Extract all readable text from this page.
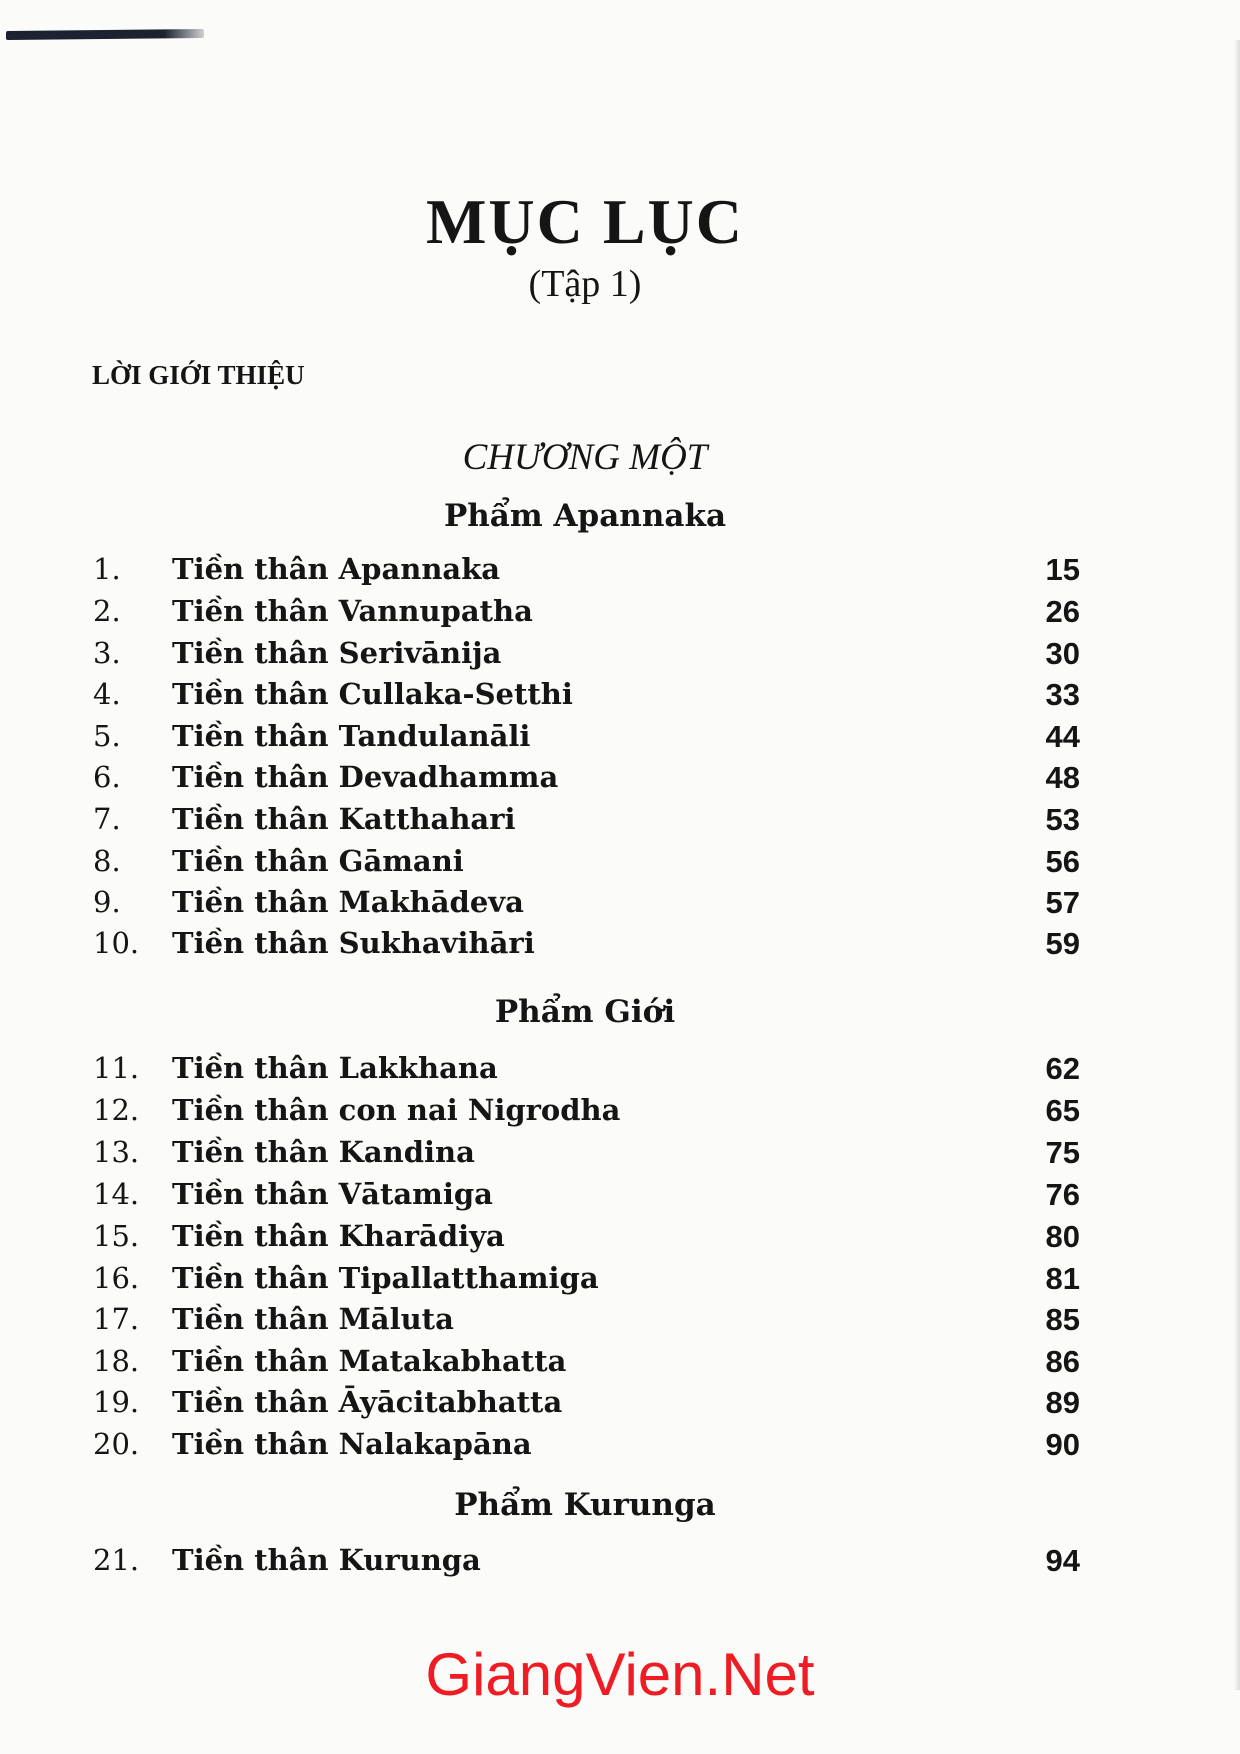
MỤC LỤC
(Tập 1)
LỜI GIỚI THIỆU
CHƯƠNG MỘT
Phẩm Apannaka
1. Tiền thân Apannaka	15
2. Tiền thân Vannupatha	26
3. Tiền thân Serivānija	30
4. Tiền thân Cullaka-Setthi	33
5. Tiền thân Tandulanāli	44
6. Tiền thân Devadhamma	48
7. Tiền thân Katthahari	53
8. Tiền thân Gāmani	56
9. Tiền thân Makhādeva	57
10. Tiền thân Sukhavihāri	59
Phẩm Giới
11. Tiền thân Lakkhana	62
12. Tiền thân con nai Nigrodha	65
13. Tiền thân Kandina	75
14. Tiền thân Vātamiga	76
15. Tiền thân Kharādiya	80
16. Tiền thân Tipallatthamiga	81
17. Tiền thân Māluta	85
18. Tiền thân Matakabhatta	86
19. Tiền thân Āyācitabhatta	89
20. Tiền thân Nalakapāna	90
Phẩm Kurunga
21. Tiền thân Kurunga	94
GiangVien.Net
